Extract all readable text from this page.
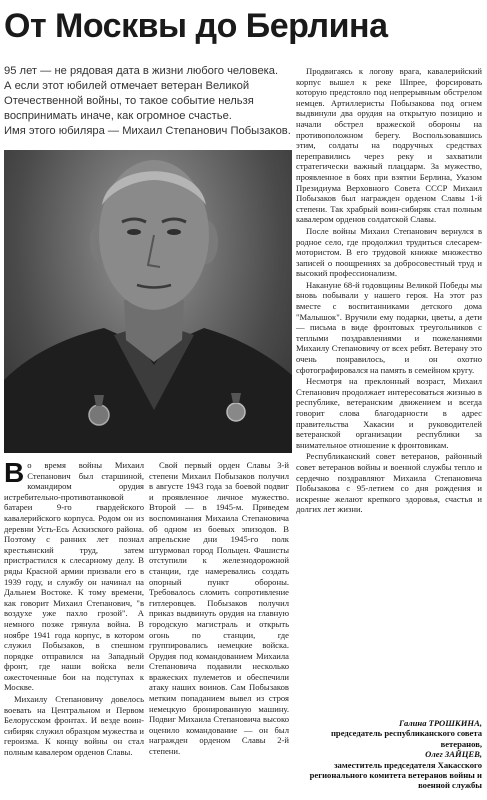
От Москвы до Берлина

95 лет — не рядовая дата в жизни любого человека.

А если этот юбилей отмечает ветеран Великой Отечественной войны, то такое событие нельзя воспринимать иначе, как огромное счастье.

Имя этого юбиляра — Михаил Степанович Побызаков.

Во время войны Михаил Степанович был старшиной, командиром орудия истребительно-противотанковой батареи 9-го гвардейского кавалерийского корпуса. Родом он из деревни Усть-Есь Аскизского района. Поэтому с ранних лет познал крестьянский труд, затем пристрастился к слесарному делу. В ряды Красной армии призвали его в 1939 году, и службу он начинал на Дальнем Востоке. К тому времени, как говорит Михаил Степанович, "в воздухе уже пахло грозой". А немного позже грянула война. В ноябре 1941 года корпус, в котором служил Побызаков, в спешном порядке отправился на Западный фронт, где наши войска вели ожесточенные бои на подступах к Москве.

Михаилу Степановичу довелось воевать на Центральном и Первом Белорусском фронтах. И везде воин-сибиряк служил образцом мужества и героизма. К концу войны он стал полным кавалером орденов Славы.

Свой первый орден Славы 3-й степени Михаил Побызаков получил в августе 1943 года за боевой подвиг и проявленное личное мужество. Второй — в 1945-м. Приведем воспоминания Михаила Степановича об одном из боевых эпизодов. В апрельские дни 1945-го полк штурмовал город Польцен. Фашисты отступили к железнодорожной станции, где намеревались создать опорный пункт обороны. Требовалось сломить сопротивление гитлеровцев. Побызаков получил приказ выдвинуть орудия на главную городскую магистраль и открыть огонь по станции, где группировались немецкие войска. Орудия под командованием Михаила Степановича подавили несколько вражеских пулеметов и обеспечили атаку наших воинов. Сам Побызаков метким попаданием вывел из строя немецкую бронированную машину. Подвиг Михаила Степановича высоко оценило командование — он был награжден орденом Славы 2-й степени.

Продвигаясь к логову врага, кавалерийский корпус вышел к реке Шпрее, форсировать которую предстояло под непрерывным обстрелом немцев. Артиллеристы Побызакова под огнем выдвинули два орудия на открытую позицию и начали обстрел вражеской обороны на противоположном берегу. Воспользовавшись этим, солдаты на подручных средствах переправились через реку и захватили стратегически важный плацдарм. За мужество, проявленное в боях при взятии Берлина, Указом Президиума Верховного Совета СССР Михаил Побызаков был награжден орденом Славы 1-й степени. Так храбрый воин-сибиряк стал полным кавалером орденов солдатской Славы.

После войны Михаил Степанович вернулся в родное село, где продолжил трудиться слесарем-мотористом. В его трудовой книжке множество записей о поощрениях за добросовестный труд и высокий профессионализм.

Накануне 68-й годовщины Великой Победы мы вновь побывали у нашего героя. На этот раз вместе с воспитанниками детского дома "Малышок". Вручили ему подарки, цветы, а дети — письма в виде фронтовых треугольников с теплыми поздравлениями и пожеланиями Михаилу Степановичу от всех ребят. Ветерану это очень понравилось, и он охотно сфотографировался на память в семейном кругу.

Несмотря на преклонный возраст, Михаил Степанович продолжает интересоваться жизнью в республике, ветеранским движением и всегда говорит слова благодарности в адрес правительства Хакасии и руководителей ветеранской организации республики за внимательное отношение к фронтовикам.

Республиканский совет ветеранов, районный совет ветеранов войны и военной службы тепло и сердечно поздравляют Михаила Степановича Побызакова с 95-летием со дня рождения и искренне желают крепкого здоровья, счастья и долгих лет жизни.

Галина ТРОШКИНА,
председатель республиканского совета ветеранов,
Олег ЗАЙЦЕВ,
заместитель председателя Хакасского регионального комитета ветеранов войны и военной службы
